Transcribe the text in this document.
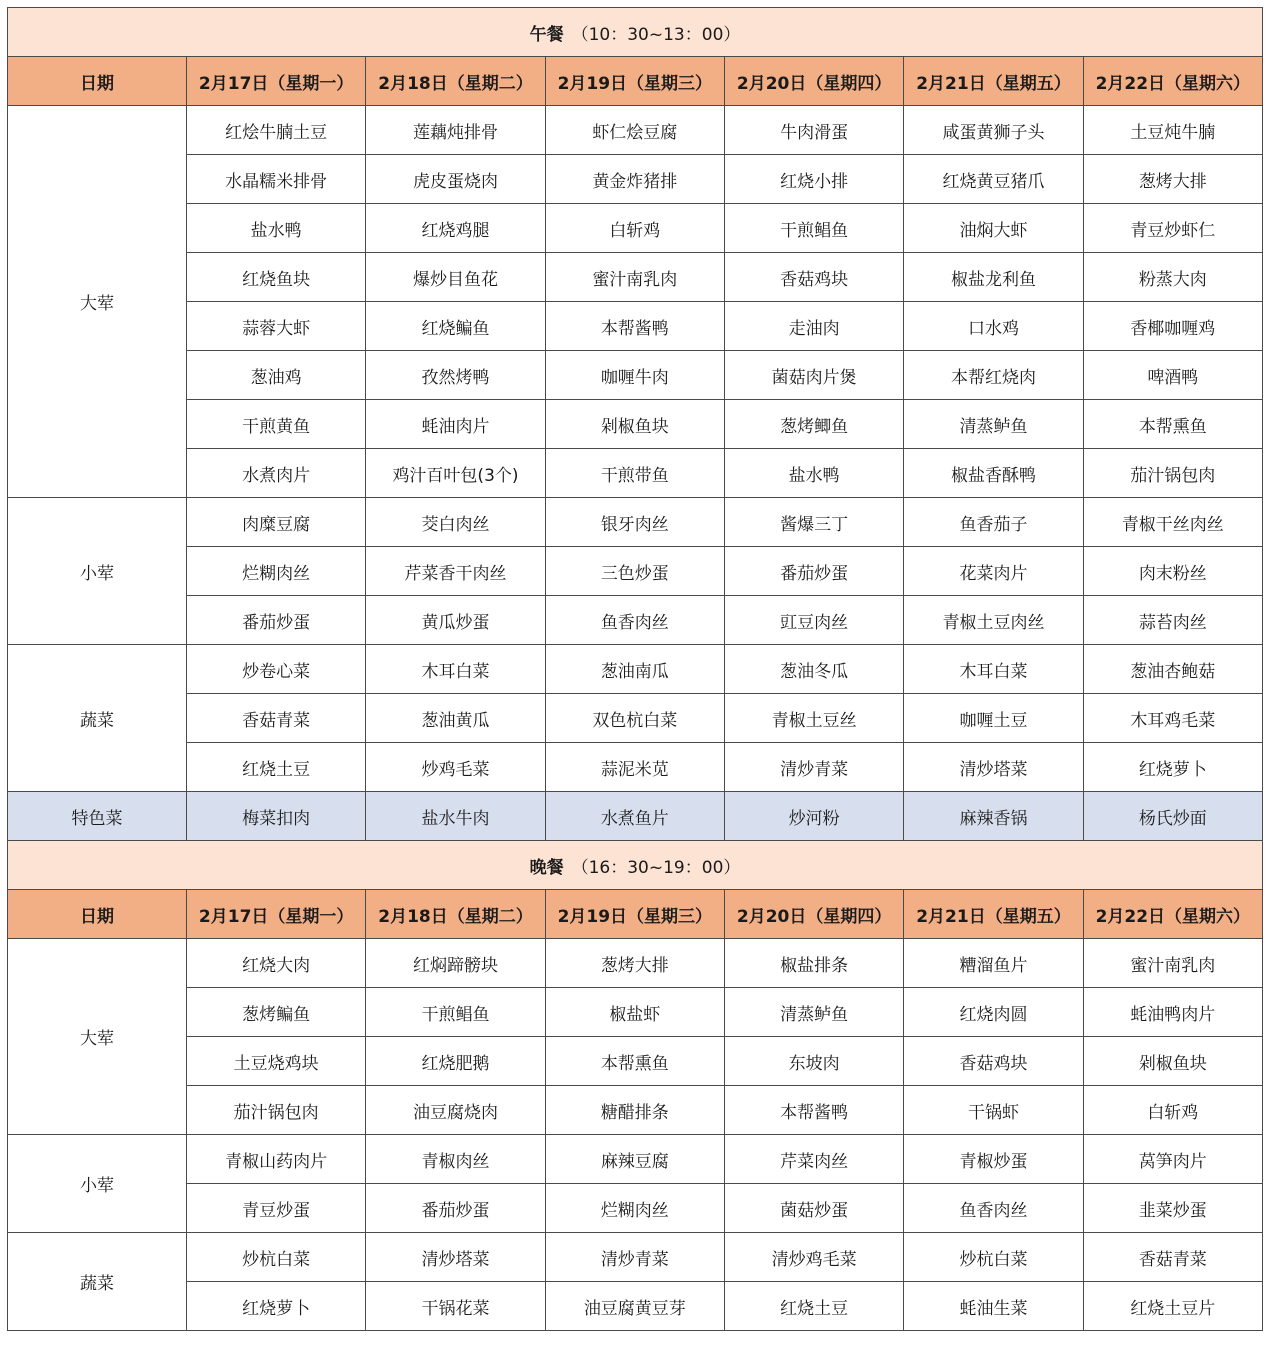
午餐 （10：30~13：00）						
日期	2月17日（星期一）	2月18日（星期二）	2月19日（星期三）	2月20日（星期四）	2月21日（星期五）	2月22日（星期六）
大荤	红烩牛腩土豆	莲藕炖排骨	虾仁烩豆腐	牛肉滑蛋	咸蛋黄狮子头	土豆炖牛腩
	水晶糯米排骨	虎皮蛋烧肉	黄金炸猪排	红烧小排	红烧黄豆猪爪	葱烤大排
	盐水鸭	红烧鸡腿	白斩鸡	干煎鲳鱼	油焖大虾	青豆炒虾仁
	红烧鱼块	爆炒目鱼花	蜜汁南乳肉	香菇鸡块	椒盐龙利鱼	粉蒸大肉
	蒜蓉大虾	红烧鳊鱼	本帮酱鸭	走油肉	口水鸡	香椰咖喱鸡
	葱油鸡	孜然烤鸭	咖喱牛肉	菌菇肉片煲	本帮红烧肉	啤酒鸭
	干煎黄鱼	蚝油肉片	剁椒鱼块	葱烤鲫鱼	清蒸鲈鱼	本帮熏鱼
	水煮肉片	鸡汁百叶包(3个)	干煎带鱼	盐水鸭	椒盐香酥鸭	茄汁锅包肉
小荤	肉糜豆腐	茭白肉丝	银牙肉丝	酱爆三丁	鱼香茄子	青椒干丝肉丝
	烂糊肉丝	芹菜香干肉丝	三色炒蛋	番茄炒蛋	花菜肉片	肉末粉丝
	番茄炒蛋	黄瓜炒蛋	鱼香肉丝	豇豆肉丝	青椒土豆肉丝	蒜苔肉丝
蔬菜	炒卷心菜	木耳白菜	葱油南瓜	葱油冬瓜	木耳白菜	葱油杏鲍菇
	香菇青菜	葱油黄瓜	双色杭白菜	青椒土豆丝	咖喱土豆	木耳鸡毛菜
	红烧土豆	炒鸡毛菜	蒜泥米苋	清炒青菜	清炒塔菜	红烧萝卜
特色菜	梅菜扣肉	盐水牛肉	水煮鱼片	炒河粉	麻辣香锅	杨氏炒面
晚餐 （16：30~19：00）						
日期	2月17日（星期一）	2月18日（星期二）	2月19日（星期三）	2月20日（星期四）	2月21日（星期五）	2月22日（星期六）
大荤	红烧大肉	红焖蹄髈块	葱烤大排	椒盐排条	糟溜鱼片	蜜汁南乳肉
	葱烤鳊鱼	干煎鲳鱼	椒盐虾	清蒸鲈鱼	红烧肉圆	蚝油鸭肉片
	土豆烧鸡块	红烧肥鹅	本帮熏鱼	东坡肉	香菇鸡块	剁椒鱼块
	茄汁锅包肉	油豆腐烧肉	糖醋排条	本帮酱鸭	干锅虾	白斩鸡
小荤	青椒山药肉片	青椒肉丝	麻辣豆腐	芹菜肉丝	青椒炒蛋	莴笋肉片
	青豆炒蛋	番茄炒蛋	烂糊肉丝	菌菇炒蛋	鱼香肉丝	韭菜炒蛋
蔬菜	炒杭白菜	清炒塔菜	清炒青菜	清炒鸡毛菜	炒杭白菜	香菇青菜
	红烧萝卜	干锅花菜	油豆腐黄豆芽	红烧土豆	蚝油生菜	红烧土豆片
